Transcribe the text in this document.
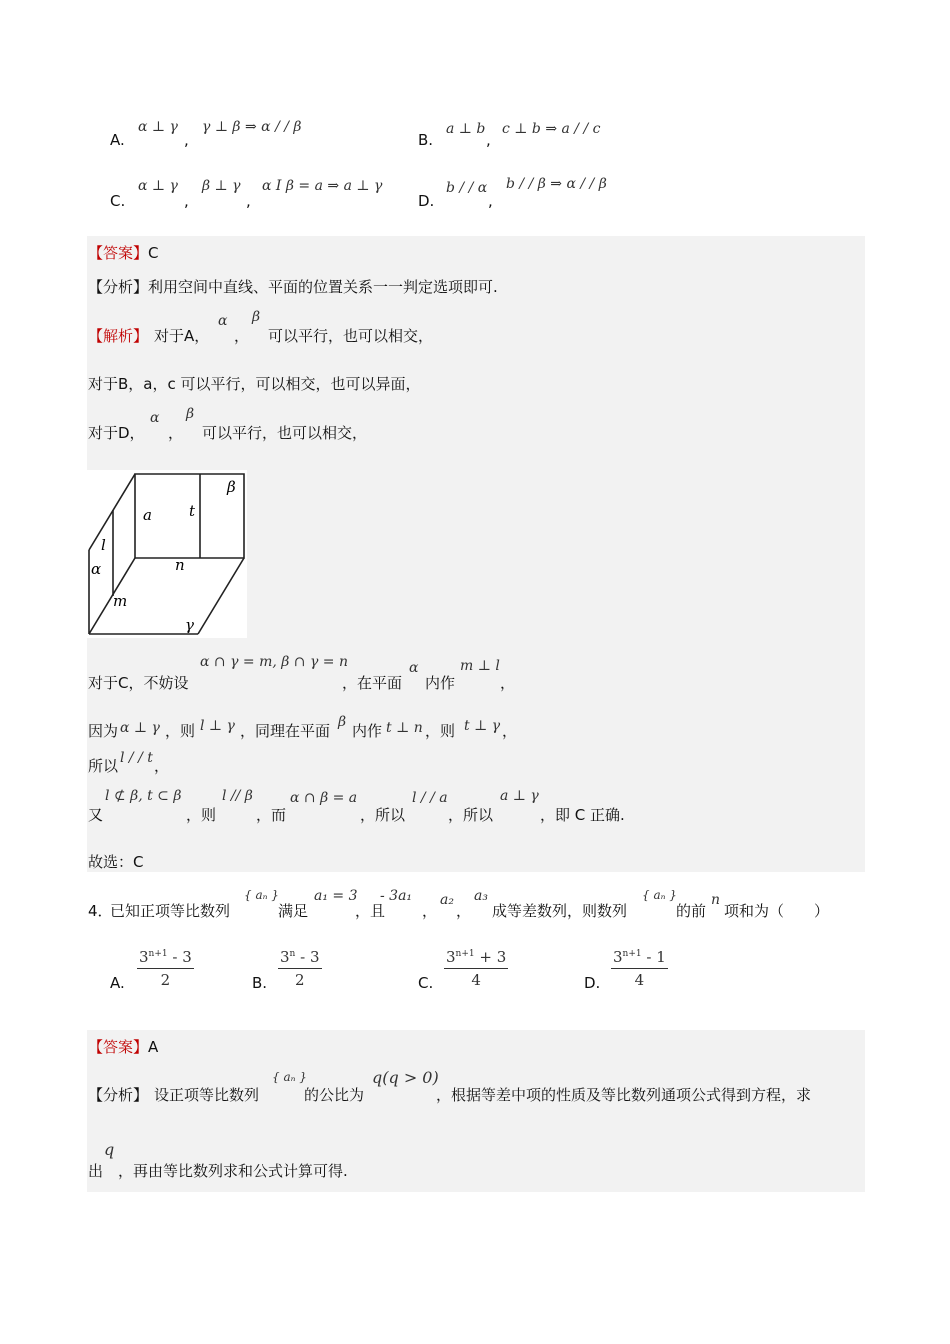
A.
α ⊥ γ
,
γ ⊥ β ⇒ α / / β
B.
a ⊥ b
,
c ⊥ b ⇒ a / / c
C.
α ⊥ γ
,
β ⊥ γ
,
α I β = a ⇒ a ⊥ γ
D.
b / / α
,
b / / β ⇒ α / / β
【答案】C
【分析】利用空间中直线、平面的位置关系一一判定选项即可.
【解析】 对于A，
α
，
β
可以平行，也可以相交，
对于B，a，c 可以平行，可以相交，也可以异面，
对于D，
α
，
β
可以平行，也可以相交，
β
a t
l
n
α
m
γ
对于C，不妨设
α ∩ γ = m, β ∩ γ = n
，在平面
α
内作
m ⊥ l
，
因为 α ⊥ γ ，则 l ⊥ γ ，同理在平面 β 内作 t ⊥ n ，则 t ⊥ γ ，
所以 l / / t ，
又
l ⊄ β, t ⊂ β
，则
l // β
，而
α ∩ β = a
，所以
l / / a
，所以
a ⊥ γ
，即 C 正确.
故选：C
4．
已知正项等比数列
{ aₙ }
满足
a₁ = 3
，且
- 3a₁
，
a₂
，
a₃
成等差数列，则数列
{ aₙ }
的前
n
项和为（　　）
A. $\frac{3^{n+1} - 3}{2}$	B. $\frac{3^n - 3}{2}$	C. $\frac{3^{n+1} + 3}{4}$	D. $\frac{3^{n+1} - 1}{4}$
【答案】A
【分析】 设正项等比数列
{ aₙ }
的公比为
q(q > 0)
，根据等差中项的性质及等比数列通项公式得到方程，求
q
出 ，再由等比数列求和公式计算可得.
